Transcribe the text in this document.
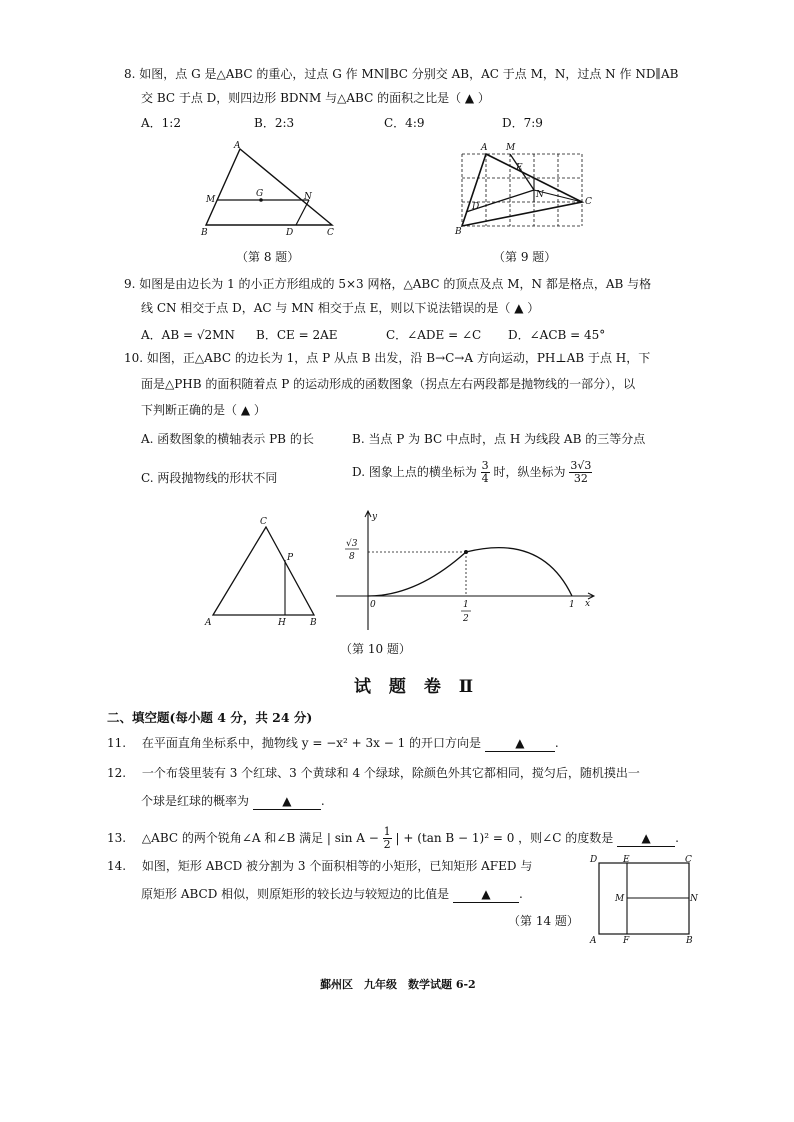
8. 如图，点 G 是△ABC 的重心，过点 G 作 MN∥BC 分别交 AB，AC 于点 M，N，过点 N 作 ND∥AB
交 BC 于点 D，则四边形 BDNM 与△ABC 的面积之比是（ ▲ ）
A．1:2	B．2:3	C．4:9	D．7:9
A
M
G	N
B	D	C
（第 8 题）
A M
E
N
D	C
B
（第 9 题）
9. 如图是由边长为 1 的小正方形组成的 5×3 网格，△ABC 的顶点及点 M，N 都是格点，AB 与格
线 CN 相交于点 D，AC 与 MN 相交于点 E，则以下说法错误的是（ ▲ ）
A．AB = √2MN B．CE = 2AE	C．∠ADE = ∠C D．∠ACB = 45°
10. 如图，正△ABC 的边长为 1，点 P 从点 B 出发，沿 B→C→A 方向运动，PH⊥AB 于点 H，下
面是△PHB 的面积随着点 P 的运动形成的函数图象（拐点左右两段都是抛物线的一部分），以
下判断正确的是（ ▲ ）
A. 函数图象的横轴表示 PB 的长	B. 当点 P 为 BC 中点时，点 H 为线段 AB 的三等分点
C. 两段抛物线的形状不同	D. 图象上点的横坐标为 $\frac{3}{4}$ 时，纵坐标为 $\frac{3√3}{32}$
C
P
A	H	B
y
x
0	1
√3
8
1
2
（第 10 题）
试 题 卷 Ⅱ
二、填空题(每小题 4 分，共 24 分)
11. 在平面直角坐标系中，抛物线 y = −x² + 3x − 1 的开口方向是	▲	.
12. 一个布袋里装有 3 个红球、3 个黄球和 4 个绿球，除颜色外其它都相同，搅匀后，随机摸出一
个球是红球的概率为	▲ .
13. △ABC 的两个锐角∠A 和∠B 满足 | $\sin A - \frac{1}{2}$ | + (tan B − 1)² = 0 ，则∠C 的度数是 ▲ .
14. 如图，矩形 ABCD 被分割为 3 个面积相等的小矩形，已知矩形 AFED 与
原矩形 ABCD 相似，则原矩形的较长边与较短边的比值是	▲ .
（第 14 题）
D	E	C
M	N
A	F	B
鄞州区　九年级　数学试题 6-2
